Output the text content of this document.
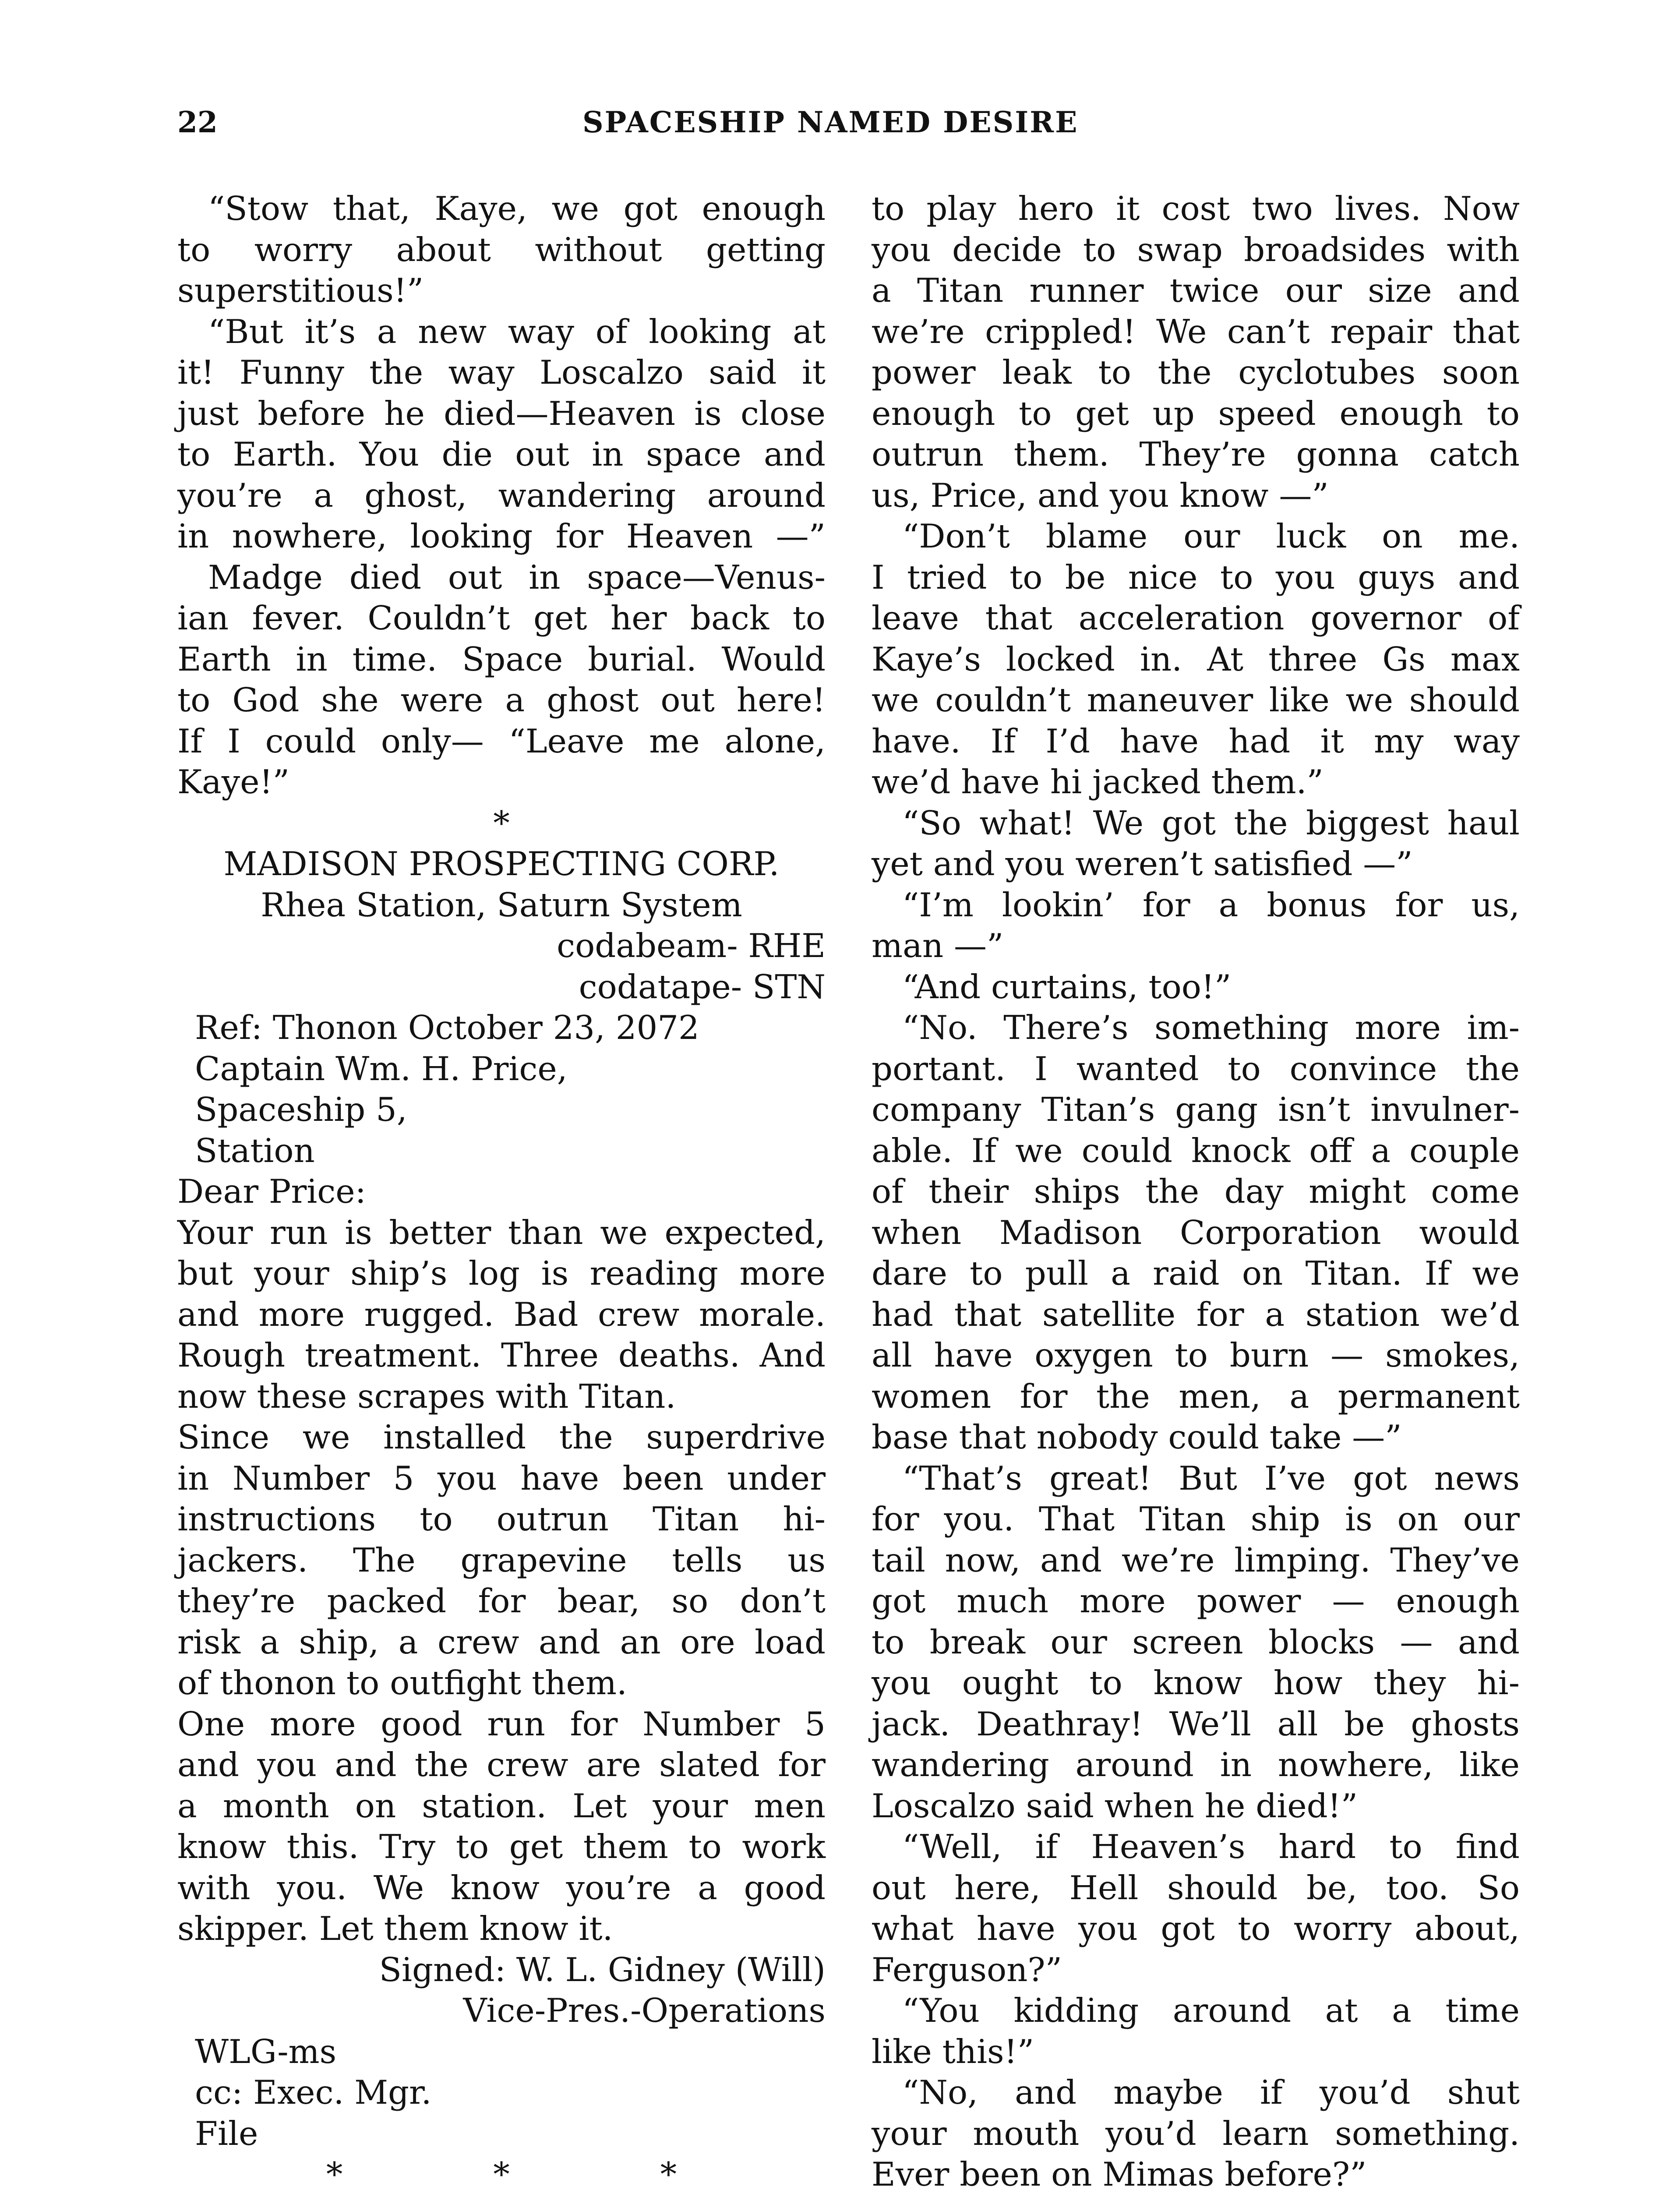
22	SPACESHIP NAMED DESIRE
“Stow that, Kaye, we got enough
to worry about without getting
superstitious!”
“But it’s a new way of looking at
it! Funny the way Loscalzo said it
just before he died—Heaven is close
to Earth. You die out in space and
you’re a ghost, wandering around
in nowhere, looking for Heaven —”
Madge died out in space—Venus-
ian fever. Couldn’t get her back to
Earth in time. Space burial. Would
to God she were a ghost out here!
If I could only— “Leave me alone,
Kaye!”
*
MADISON PROSPECTING CORP.
Rhea Station, Saturn System
codabeam- RHE
codatape- STN
Ref: Thonon October 23, 2072
Captain Wm. H. Price,
Spaceship 5,
Station
Dear Price:
Your run is better than we expected,
but your ship’s log is reading more
and more rugged. Bad crew morale.
Rough treatment. Three deaths. And
now these scrapes with Titan.
Since we installed the superdrive
in Number 5 you have been under
instructions to outrun Titan hi-
jackers. The grapevine tells us
they’re packed for bear, so don’t
risk a ship, a crew and an ore load
of thonon to outfight them.
One more good run for Number 5
and you and the crew are slated for
a month on station. Let your men
know this. Try to get them to work
with you. We know you’re a good
skipper. Let them know it.
Signed: W. L. Gidney (Will)
Vice-Pres.-Operations
WLG-ms
cc: Exec. Mgr.
File
* * *
to play hero it cost two lives. Now
you decide to swap broadsides with
a Titan runner twice our size and
we’re crippled! We can’t repair that
power leak to the cyclotubes soon
enough to get up speed enough to
outrun them. They’re gonna catch
us, Price, and you know —”
“Don’t blame our luck on me.
I tried to be nice to you guys and
leave that acceleration governor of
Kaye’s locked in. At three Gs max
we couldn’t maneuver like we should
have. If I’d have had it my way
we’d have hi jacked them.”
“So what! We got the biggest haul
yet and you weren’t satisfied —”
“I’m lookin’ for a bonus for us,
man —”
“And curtains, too!”
“No. There’s something more im-
portant. I wanted to convince the
company Titan’s gang isn’t invulner-
able. If we could knock off a couple
of their ships the day might come
when Madison Corporation would
dare to pull a raid on Titan. If we
had that satellite for a station we’d
all have oxygen to burn — smokes,
women for the men, a permanent
base that nobody could take —”
“That’s great! But I’ve got news
for you. That Titan ship is on our
tail now, and we’re limping. They’ve
got much more power — enough
to break our screen blocks — and
you ought to know how they hi-
jack. Deathray! We’ll all be ghosts
wandering around in nowhere, like
Loscalzo said when he died!”
“Well, if Heaven’s hard to find
out here, Hell should be, too. So
what have you got to worry about,
Ferguson?”
“You kidding around at a time
like this!”
“No, and maybe if you’d shut
your mouth you’d learn something.
Ever been on Mimas before?”
